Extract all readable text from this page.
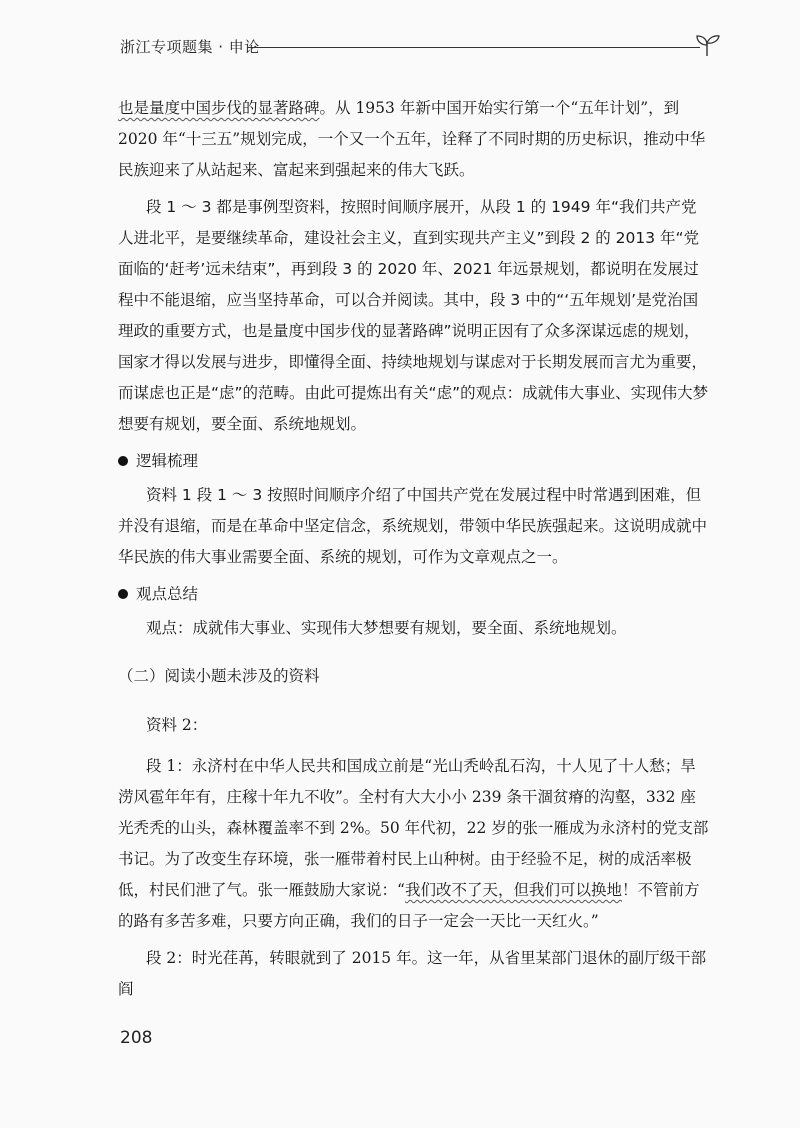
浙江专项题集 · 申论

也是量度中国步伐的显著路碑。从 1953 年新中国开始实行第一个“五年计划”，到 2020 年“十三五”规划完成，一个又一个五年，诠释了不同时期的历史标识，推动中华民族迎来了从站起来、富起来到强起来的伟大飞跃。

段 1 ～ 3 都是事例型资料，按照时间顺序展开，从段 1 的 1949 年“我们共产党人进北平，是要继续革命，建设社会主义，直到实现共产主义”到段 2 的 2013 年“党面临的‘赶考’远未结束”，再到段 3 的 2020 年、2021 年远景规划，都说明在发展过程中不能退缩，应当坚持革命，可以合并阅读。其中，段 3 中的“‘五年规划’是党治国理政的重要方式，也是量度中国步伐的显著路碑”说明正因有了众多深谋远虑的规划，国家才得以发展与进步，即懂得全面、持续地规划与谋虑对于长期发展而言尤为重要，而谋虑也正是“虑”的范畴。由此可提炼出有关“虑”的观点：成就伟大事业、实现伟大梦想要有规划，要全面、系统地规划。

逻辑梳理

资料 1 段 1 ～ 3 按照时间顺序介绍了中国共产党在发展过程中时常遇到困难，但并没有退缩，而是在革命中坚定信念，系统规划，带领中华民族强起来。这说明成就中华民族的伟大事业需要全面、系统的规划，可作为文章观点之一。

观点总结

观点：成就伟大事业、实现伟大梦想要有规划，要全面、系统地规划。

（二）阅读小题未涉及的资料

资料 2：

段 1：永济村在中华人民共和国成立前是“光山秃岭乱石沟，十人见了十人愁；旱涝风雹年年有，庄稼十年九不收”。全村有大大小小 239 条干涸贫瘠的沟壑，332 座光秃秃的山头，森林覆盖率不到 2%。50 年代初，22 岁的张一雁成为永济村的党支部书记。为了改变生存环境，张一雁带着村民上山种树。由于经验不足，树的成活率极低，村民们泄了气。张一雁鼓励大家说：“我们改不了天，但我们可以换地！不管前方的路有多苦多难，只要方向正确，我们的日子一定会一天比一天红火。”

段 2：时光荏苒，转眼就到了 2015 年。这一年，从省里某部门退休的副厅级干部阎

208
